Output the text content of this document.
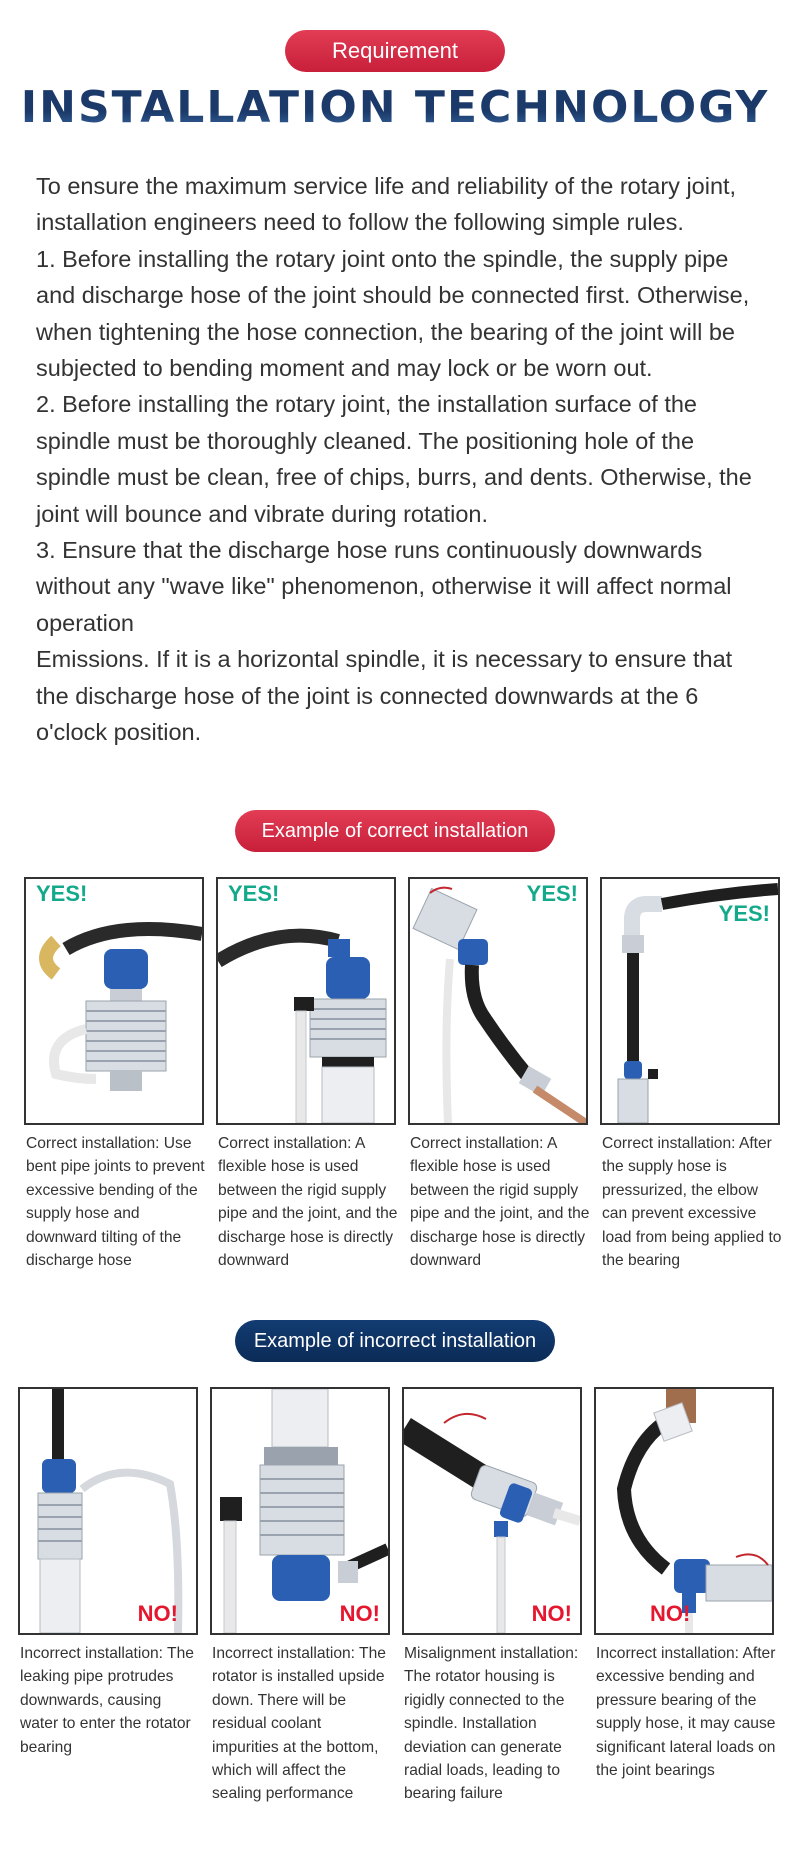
Requirement
INSTALLATION TECHNOLOGY

To ensure the maximum service life and reliability of the rotary joint, installation engineers need to follow the following simple rules.

1. Before installing the rotary joint onto the spindle, the supply pipe and discharge hose of the joint should be connected first. Otherwise, when tightening the hose connection, the bearing of the joint will be subjected to bending moment and may lock or be worn out.

2. Before installing the rotary joint, the installation surface of the spindle must be thoroughly cleaned. The positioning hole of the spindle must be clean, free of chips, burrs, and dents. Otherwise, the joint will bounce and vibrate during rotation.

3. Ensure that the discharge hose runs continuously downwards without any "wave like" phenomenon, otherwise it will affect normal operation

Emissions. If it is a horizontal spindle, it is necessary to ensure that the discharge hose of the joint is connected downwards at the 6 o'clock position.

Example of correct installation
YES!
Correct installation: Use bent pipe joints to prevent excessive bending of the supply hose and downward tilting of the discharge hose
YES!
Correct installation: A flexible hose is used between the rigid supply pipe and the joint, and the discharge hose is directly downward
YES!
Correct installation: A flexible hose is used between the rigid supply pipe and the joint, and the discharge hose is directly downward
YES!
Correct installation: After the supply hose is pressurized, the elbow can prevent excessive load from being applied to the bearing
Example of incorrect installation
NO!
Incorrect installation: The leaking pipe protrudes downwards, causing water to enter the rotator bearing
NO!
Incorrect installation: The rotator is installed upside down. There will be residual coolant impurities at the bottom, which will affect the sealing performance
NO!
Misalignment installation: The rotator housing is rigidly connected to the spindle. Installation deviation can generate radial loads, leading to bearing failure
NO!
Incorrect installation: After excessive bending and pressure bearing of the supply hose, it may cause significant lateral loads on the joint bearings
